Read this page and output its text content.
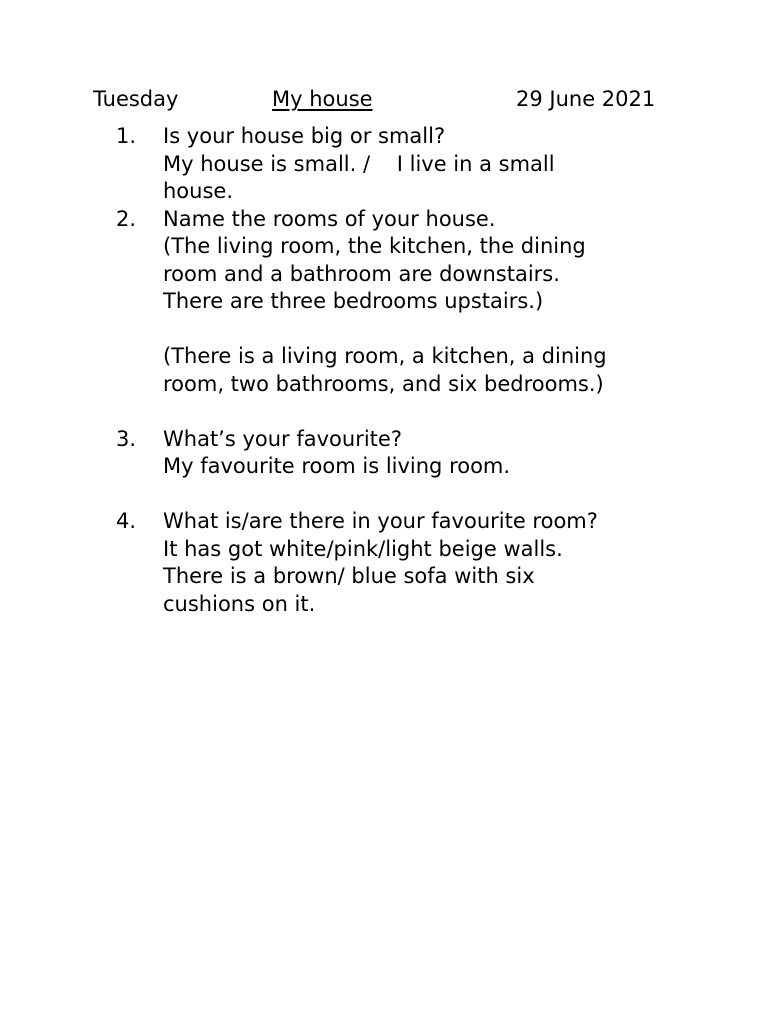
Tuesday	My house	29 June 2021
1. Is your house big or small?
My house is small. /    I live in a small
house.
2. Name the rooms of your house.
(The living room, the kitchen, the dining
room and a bathroom are downstairs.
There are three bedrooms upstairs.)
(There is a living room, a kitchen, a dining
room, two bathrooms, and six bedrooms.)
3. What’s your favourite?
My favourite room is living room.
4. What is/are there in your favourite room?
It has got white/pink/light beige walls.
There is a brown/ blue sofa with six
cushions on it.
